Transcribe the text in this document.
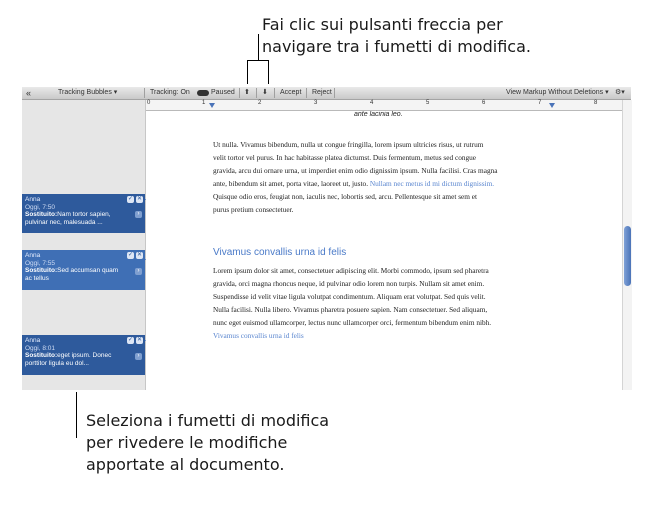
Fai clic sui pulsanti freccia per
navigare tra i fumetti di modifica.
Seleziona i fumetti di modifica
per rivedere le modifiche
apportate al documento.
«	Tracking Bubbles ▾	Tracking: On	Paused ⬆ ⬇ Accept Reject	View Markup Without Deletions ▾ ⚙▾
0	1	2	3	4	5	6	7	8
Anna
Oggi, 7:50
Sostituito:Nam tortor sapien,
pulvinar nec, malesuada ...
✓ ✕
›
Anna
Oggi, 7:55
Sostituito:Sed accumsan quam
ac tellus
✓ ✕
›
Anna
Oggi, 8:01
Sostituito:eget ipsum. Donec
porttitor ligula eu dol...
✓ ✕
›
ante lacinia leo.
Ut nulla. Vivamus bibendum, nulla ut congue fringilla, lorem ipsum ultricies risus, ut rutrum
velit tortor vel purus. In hac habitasse platea dictumst. Duis fermentum, metus sed congue
gravida, arcu dui ornare urna, ut imperdiet enim odio dignissim ipsum. Nulla facilisi. Cras magna
ante, bibendum sit amet, porta vitae, laoreet ut, justo. Nullam nec metus id mi dictum dignissim.
Quisque odio eros, feugiat non, iaculis nec, lobortis sed, arcu. Pellentesque sit amet sem et
purus pretium consectetuer.
Vivamus convallis urna id felis
Lorem ipsum dolor sit amet, consectetuer adipiscing elit. Morbi commodo, ipsum sed pharetra
gravida, orci magna rhoncus neque, id pulvinar odio lorem non turpis. Nullam sit amet enim.
Suspendisse id velit vitae ligula volutpat condimentum. Aliquam erat volutpat. Sed quis velit.
Nulla facilisi. Nulla libero. Vivamus pharetra posuere sapien. Nam consectetuer. Sed aliquam,
nunc eget euismod ullamcorper, lectus nunc ullamcorper orci, fermentum bibendum enim nibh.
Vivamus convallis urna id felis
